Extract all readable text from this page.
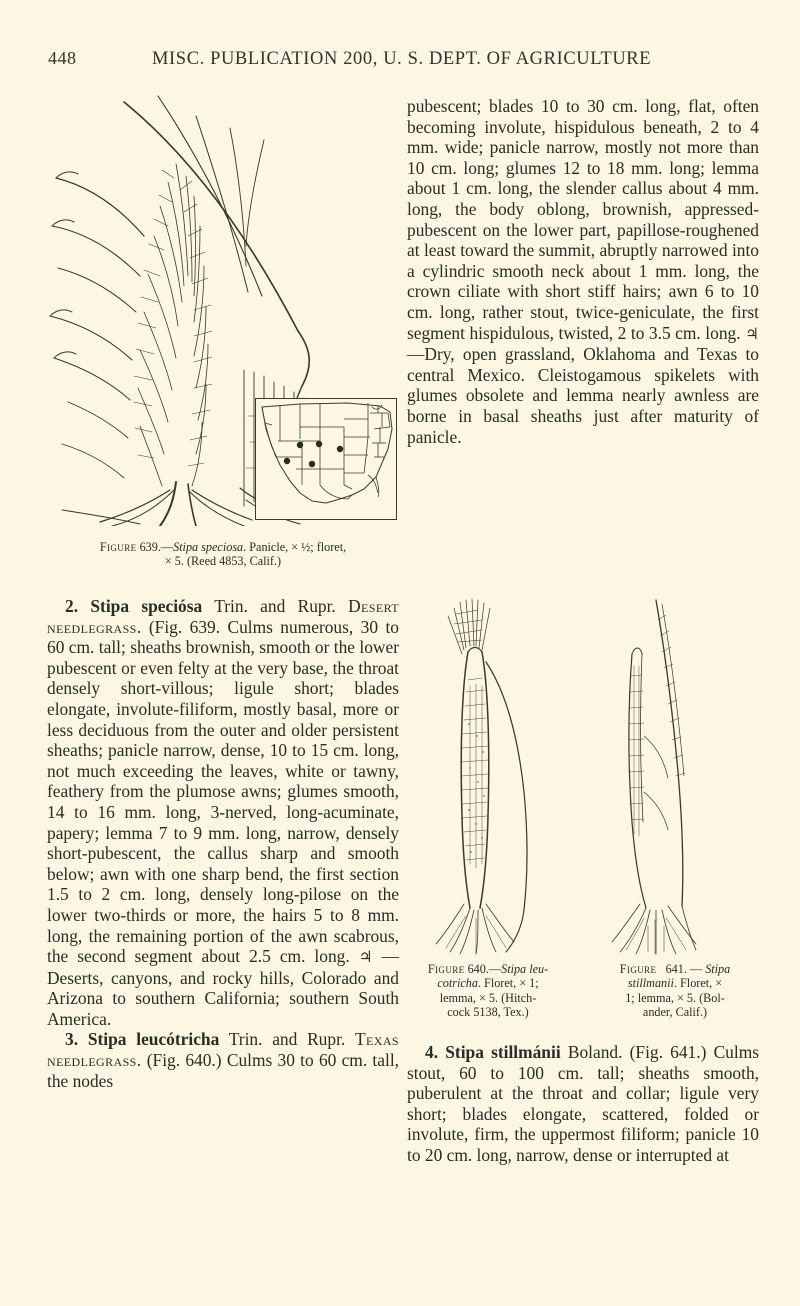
448	MISC. PUBLICATION 200, U. S. DEPT. OF AGRICULTURE
Figure 639.—Stipa speciosa. Panicle, × ½; floret,
× 5. (Reed 4853, Calif.)

2. Stipa speciósa Trin. and Rupr. Desert needlegrass. (Fig. 639. Culms numerous, 30 to 60 cm. tall; sheaths brownish, smooth or the lower pubescent or even felty at the very base, the throat densely short-villous; ligule short; blades elongate, involute-filiform, mostly basal, more or less deciduous from the outer and older persistent sheaths; panicle narrow, dense, 10 to 15 cm. long, not much exceeding the leaves, white or tawny, feathery from the plumose awns; glumes smooth, 14 to 16 mm. long, 3-nerved, long-acuminate, papery; lemma 7 to 9 mm. long, narrow, densely short-pubescent, the callus sharp and smooth below; awn with one sharp bend, the first section 1.5 to 2 cm. long, densely long-pilose on the lower two-thirds or more, the hairs 5 to 8 mm. long, the remaining portion of the awn scabrous, the second segment about 2.5 cm. long. ♃ — Deserts, canyons, and rocky hills, Colorado and Arizona to southern California; southern South America.

3. Stipa leucótricha Trin. and Rupr. Texas needlegrass. (Fig. 640.) Culms 30 to 60 cm. tall, the nodes

pubescent; blades 10 to 30 cm. long, flat, often becoming involute, hispidulous beneath, 2 to 4 mm. wide; panicle narrow, mostly not more than 10 cm. long; glumes 12 to 18 mm. long; lemma about 1 cm. long, the slender callus about 4 mm. long, the body oblong, brownish, appressed-pubescent on the lower part, papillose-roughened at least toward the summit, abruptly narrowed into a cylindric smooth neck about 1 mm. long, the crown ciliate with short stiff hairs; awn 6 to 10 cm. long, rather stout, twice-geniculate, the first segment hispidulous, twisted, 2 to 3.5 cm. long. ♃ —Dry, open grassland, Oklahoma and Texas to central Mexico. Cleistogamous spikelets with glumes obsolete and lemma nearly awnless are borne in basal sheaths just after maturity of panicle.

Figure 640.—Stipa leu-
cotricha. Floret, × 1;
lemma, × 5. (Hitch-
cock 5138, Tex.)
Figure 641. — Stipa
stillmanii. Floret, ×
1; lemma, × 5. (Bol-
ander, Calif.)

4. Stipa stillmánii Boland. (Fig. 641.) Culms stout, 60 to 100 cm. tall; sheaths smooth, puberulent at the throat and collar; ligule very short; blades elongate, scattered, folded or involute, firm, the uppermost filiform; panicle 10 to 20 cm. long, narrow, dense or interrupted at
